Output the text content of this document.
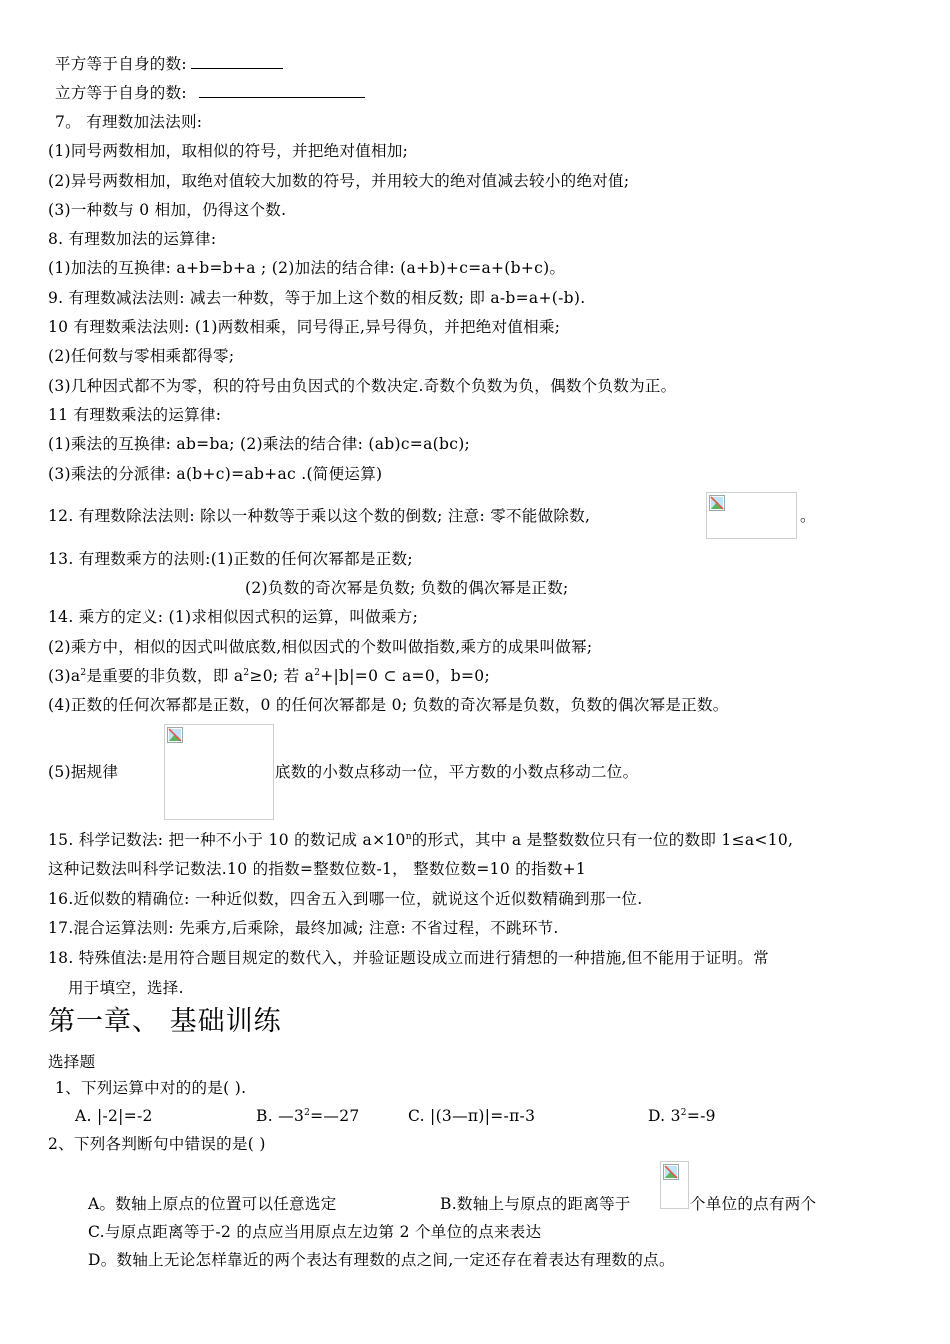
平方等于自身的数:
立方等于自身的数:
7。 有理数加法法则:
(1)同号两数相加，取相似的符号，并把绝对值相加;
(2)异号两数相加，取绝对值较大加数的符号，并用较大的绝对值减去较小的绝对值;
(3)一种数与 0 相加，仍得这个数.
8. 有理数加法的运算律:
(1)加法的互换律: a+b=b+a ; (2)加法的结合律: (a+b)+c=a+(b+c)。
9. 有理数减法法则: 减去一种数，等于加上这个数的相反数; 即 a-b=a+(-b).
10 有理数乘法法则: (1)两数相乘，同号得正,异号得负，并把绝对值相乘;
(2)任何数与零相乘都得零;
(3)几种因式都不为零，积的符号由负因式的个数决定.奇数个负数为负，偶数个负数为正。
11 有理数乘法的运算律:
(1)乘法的互换律: ab=ba; (2)乘法的结合律: (ab)c=a(bc);
(3)乘法的分派律: a(b+c)=ab+ac .(简便运算)
12. 有理数除法法则: 除以一种数等于乘以这个数的倒数; 注意: 零不能做除数,	。
13. 有理数乘方的法则:(1)正数的任何次幂都是正数;
(2)负数的奇次幂是负数; 负数的偶次幂是正数;
14. 乘方的定义: (1)求相似因式积的运算，叫做乘方;
(2)乘方中，相似的因式叫做底数,相似因式的个数叫做指数,乘方的成果叫做幂;
$(3)a^2$是重要的非负数，即 $a^2\ge 0$; 若 $a^2+|b|=0$ ⊂ a=0，b=0;
(4)正数的任何次幂都是正数，0 的任何次幂都是 0; 负数的奇次幂是负数，负数的偶次幂是正数。
(5)据规律	底数的小数点移动一位，平方数的小数点移动二位。
15. 科学记数法: 把一种不小于 10 的数记成 $a\times 10^n$的形式，其中 a 是整数数位只有一位的数即 1≤a<10,
这种记数法叫科学记数法.10 的指数=整数位数-1， 整数位数=10 的指数+1
16.近似数的精确位: 一种近似数，四舍五入到哪一位，就说这个近似数精确到那一位.
17.混合运算法则: 先乘方,后乘除，最终加减; 注意: 不省过程，不跳环节.
18. 特殊值法:是用符合题目规定的数代入，并验证题设成立而进行猜想的一种措施,但不能用于证明。常
用于填空，选择.
第一章、 基础训练
选择题
1、下列运算中对的的是( ).
A. |-2|=-2	B. $—3^2=—27$	C. |(3—π)|=-π-3	D. $3^2=-9$
2、下列各判断句中错误的是( )
A。数轴上原点的位置可以任意选定	B.数轴上与原点的距离等于	个单位的点有两个
C.与原点距离等于-2 的点应当用原点左边第 2 个单位的点来表达
D。数轴上无论怎样靠近的两个表达有理数的点之间,一定还存在着表达有理数的点。
